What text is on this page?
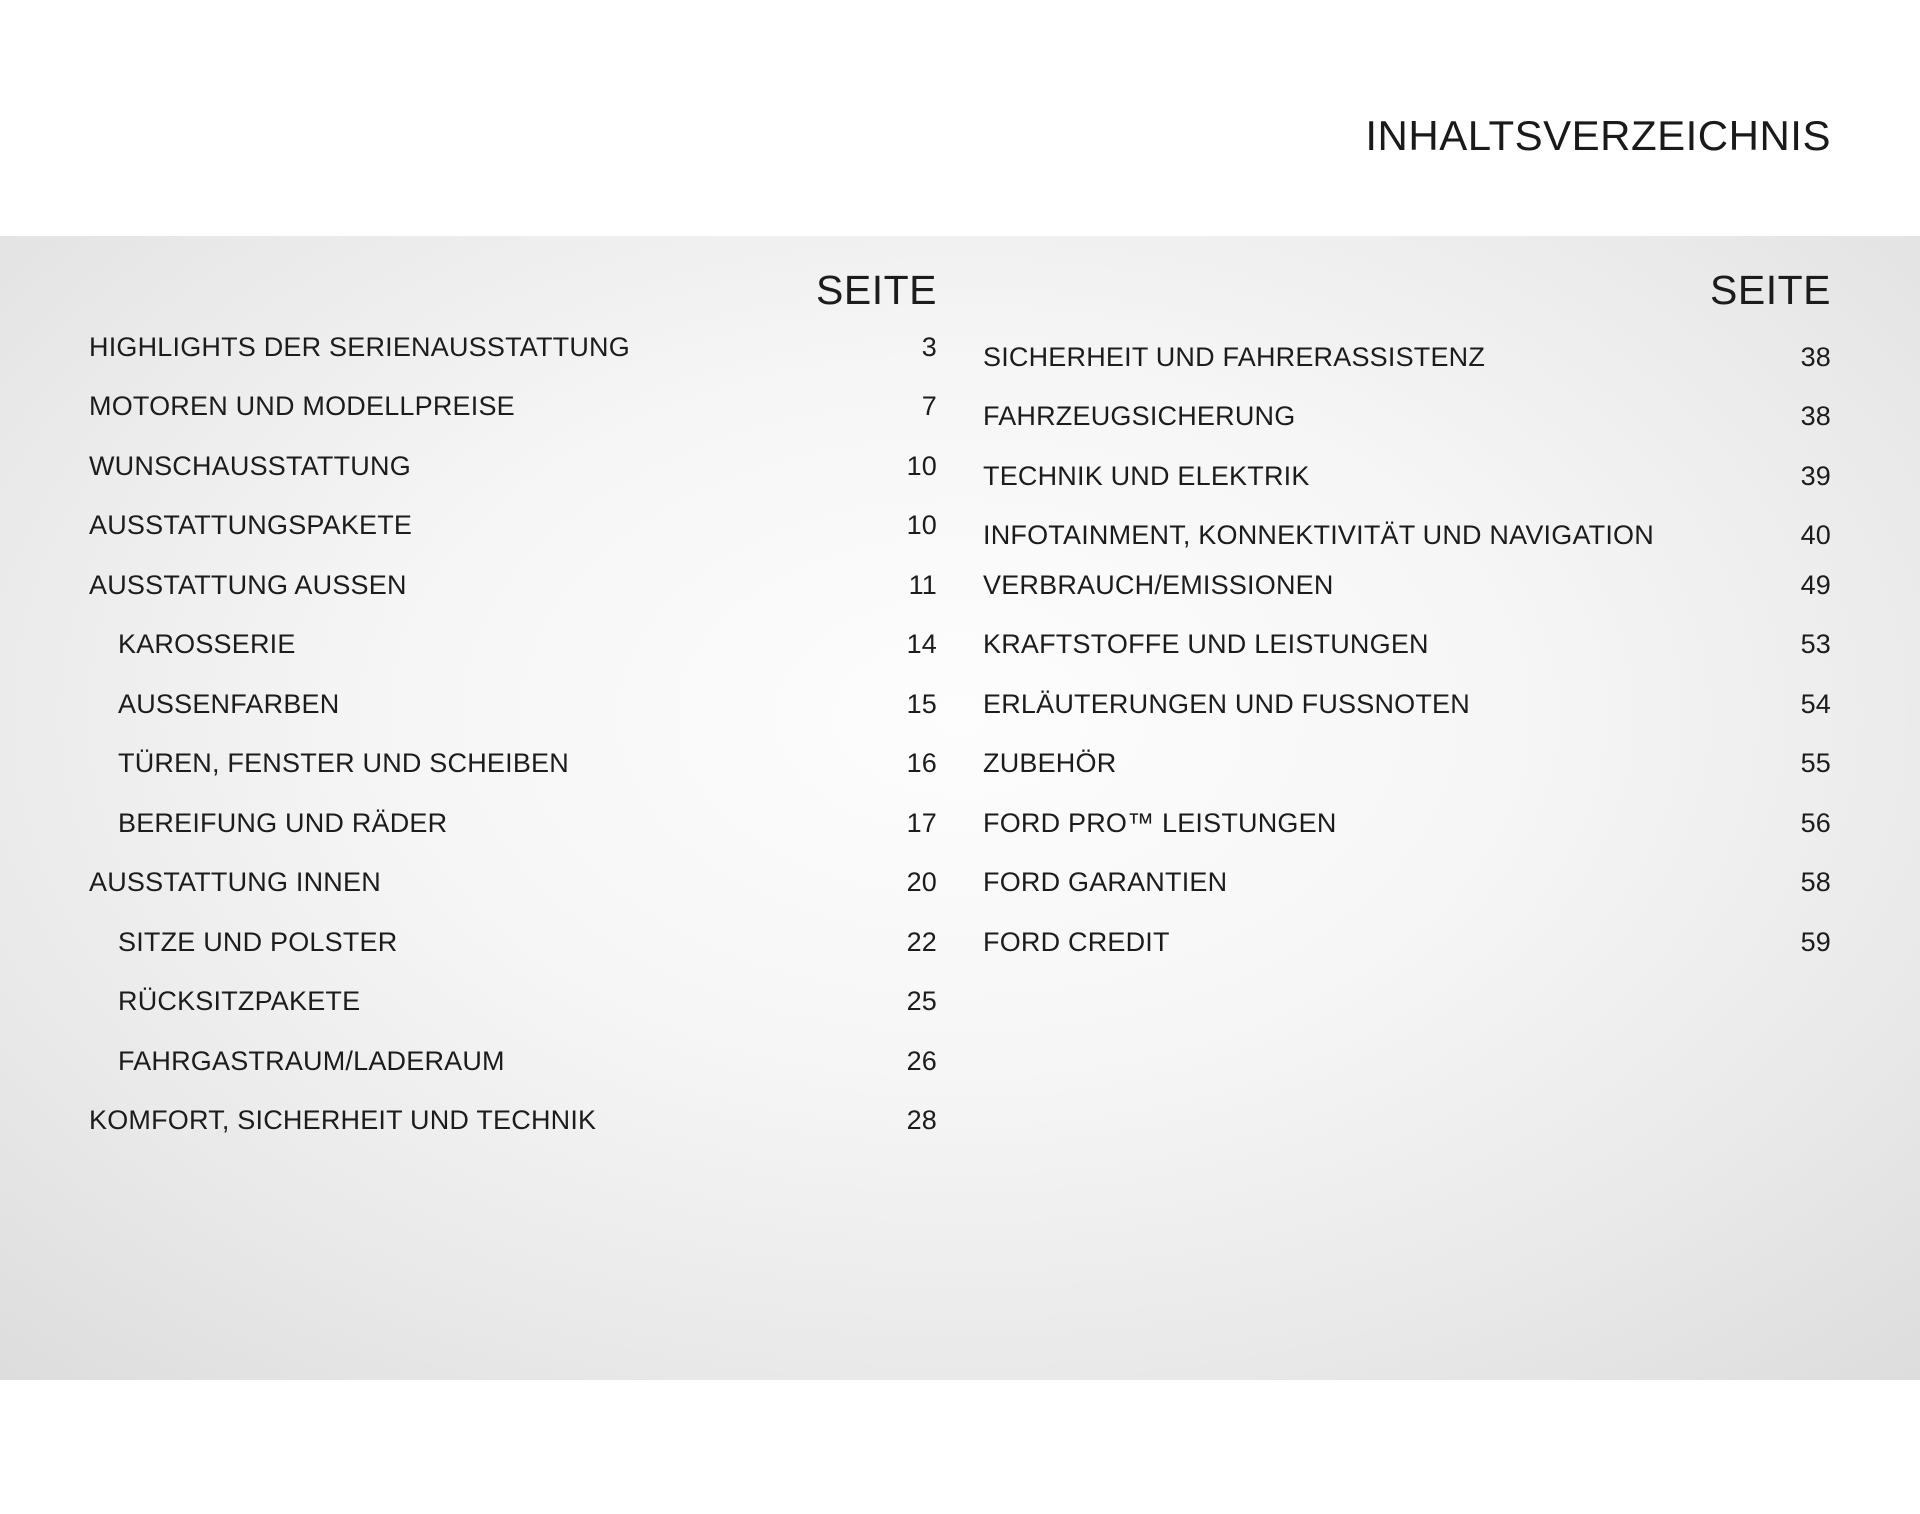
INHALTSVERZEICHNIS
SEITE
HIGHLIGHTS DER SERIENAUSSTATTUNG	3
MOTOREN UND MODELLPREISE	7
WUNSCHAUSSTATTUNG	10
AUSSTATTUNGSPAKETE	10
AUSSTATTUNG AUSSEN	11
KAROSSERIE	14
AUSSENFARBEN	15
TÜREN, FENSTER UND SCHEIBEN	16
BEREIFUNG UND RÄDER	17
AUSSTATTUNG INNEN	20
SITZE UND POLSTER	22
RÜCKSITZPAKETE	25
FAHRGASTRAUM/LADERAUM	26
KOMFORT, SICHERHEIT UND TECHNIK	28
SEITE
SICHERHEIT UND FAHRERASSISTENZ	38
FAHRZEUGSICHERUNG	38
TECHNIK UND ELEKTRIK	39
INFOTAINMENT, KONNEKTIVITÄT UND NAVIGATION	40
VERBRAUCH/EMISSIONEN	49
KRAFTSTOFFE UND LEISTUNGEN	53
ERLÄUTERUNGEN UND FUSSNOTEN	54
ZUBEHÖR	55
FORD PRO™ LEISTUNGEN	56
FORD GARANTIEN	58
FORD CREDIT	59
